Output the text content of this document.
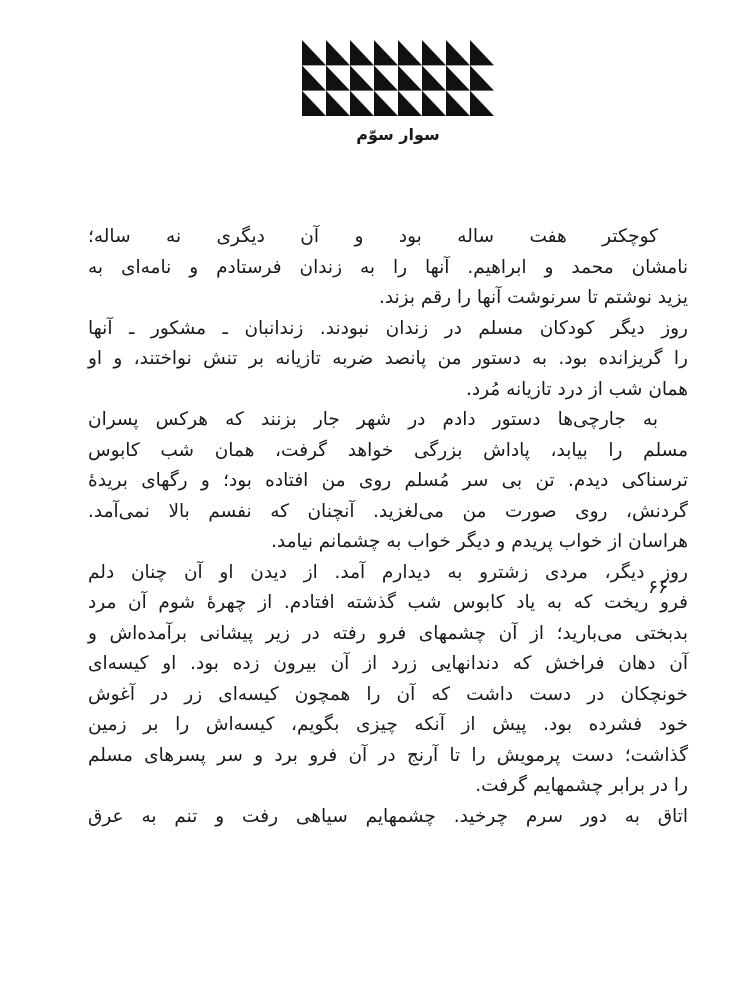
سوار سوّم
کوچکتر هفت ساله بود و آن دیگری نه ساله؛
نامشان محمد و ابراهیم. آنها را به زندان فرستادم و نامه‌ای به
یزید نوشتم تا سرنوشت آنها را رقم بزند.
روز دیگر کودکان مسلم در زندان نبودند. زندانبان ـ مشکور ـ آنها
را گریزانده بود. به دستور من پانصد ضربه تازیانه بر تنش نواختند، و او
همان شب از درد تازیانه مُرد.
به جارچی‌ها دستور دادم در شهر جار بزنند که هرکس پسران
مسلم را بیابد، پاداش بزرگی خواهد گرفت، همان شب کابوس
ترسناکی دیدم. تن بی سر مُسلم روی من افتاده بود؛ و رگهای بریدهٔ
گردنش، روی صورت من می‌لغزید. آنچنان که نفسم بالا نمی‌آمد.
هراسان از خواب پریدم و دیگر خواب به چشمانم نیامد.
روز دیگر، مردی زشترو به دیدارم آمد. از دیدن او آن چنان دلم
فرو ریخت که به یاد کابوس شب گذشته افتادم. از چهرهٔ شوم آن مرد
بدبختی می‌بارید؛ از آن چشمهای فرو رفته در زیر پیشانی برآمده‌اش و
آن دهان فراخش که دندانهایی زرد از آن بیرون زده بود. او کیسه‌ای
خونچکان در دست داشت که آن را همچون کیسه‌ای زر در آغوش
خود فشرده بود. پیش از آنکه چیزی بگویم، کیسه‌اش را بر زمین
گذاشت؛ دست پرمویش را تا آرنج در آن فرو برد و سر پسرهای مسلم
را در برابر چشمهایم گرفت.
اتاق به دور سرم چرخید. چشمهایم سیاهی رفت و تنم به عرق
۶۶
